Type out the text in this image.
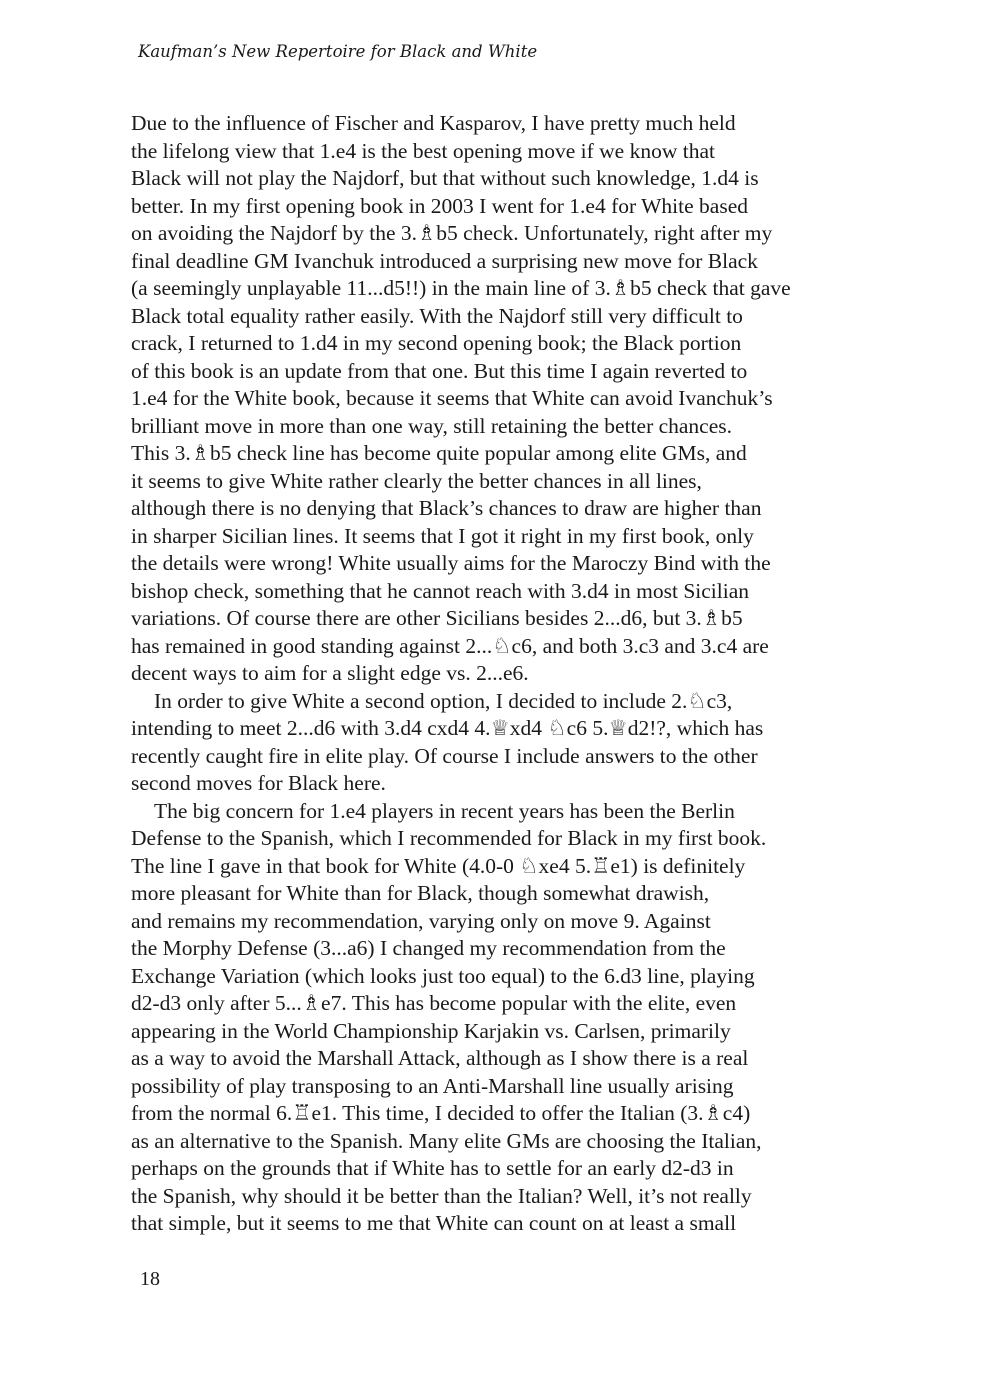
Kaufman’s New Repertoire for Black and White

Due to the influence of Fischer and Kasparov, I have pretty much held
the lifelong view that 1.e4 is the best opening move if we know that
Black will not play the Najdorf, but that without such knowledge, 1.d4 is
better. In my first opening book in 2003 I went for 1.e4 for White based
on avoiding the Najdorf by the 3.♗b5 check. Unfortunately, right after my
final deadline GM Ivanchuk introduced a surprising new move for Black
(a seemingly unplayable 11...d5!!) in the main line of 3.♗b5 check that gave
Black total equality rather easily. With the Najdorf still very difficult to
crack, I returned to 1.d4 in my second opening book; the Black portion
of this book is an update from that one. But this time I again reverted to
1.e4 for the White book, because it seems that White can avoid Ivanchuk’s
brilliant move in more than one way, still retaining the better chances.
This 3.♗b5 check line has become quite popular among elite GMs, and
it seems to give White rather clearly the better chances in all lines,
although there is no denying that Black’s chances to draw are higher than
in sharper Sicilian lines. It seems that I got it right in my first book, only
the details were wrong! White usually aims for the Maroczy Bind with the
bishop check, something that he cannot reach with 3.d4 in most Sicilian
variations. Of course there are other Sicilians besides 2...d6, but 3.♗b5
has remained in good standing against 2...♘c6, and both 3.c3 and 3.c4 are
decent ways to aim for a slight edge vs. 2...e6.

In order to give White a second option, I decided to include 2.♘c3,
intending to meet 2...d6 with 3.d4 cxd4 4.♕xd4 ♘c6 5.♕d2!?, which has
recently caught fire in elite play. Of course I include answers to the other
second moves for Black here.

The big concern for 1.e4 players in recent years has been the Berlin
Defense to the Spanish, which I recommended for Black in my first book.
The line I gave in that book for White (4.0-0 ♘xe4 5.♖e1) is definitely
more pleasant for White than for Black, though somewhat drawish,
and remains my recommendation, varying only on move 9. Against
the Morphy Defense (3...a6) I changed my recommendation from the
Exchange Variation (which looks just too equal) to the 6.d3 line, playing
d2-d3 only after 5...♗e7. This has become popular with the elite, even
appearing in the World Championship Karjakin vs. Carlsen, primarily
as a way to avoid the Marshall Attack, although as I show there is a real
possibility of play transposing to an Anti-Marshall line usually arising
from the normal 6.♖e1. This time, I decided to offer the Italian (3.♗c4)
as an alternative to the Spanish. Many elite GMs are choosing the Italian,
perhaps on the grounds that if White has to settle for an early d2-d3 in
the Spanish, why should it be better than the Italian? Well, it’s not really
that simple, but it seems to me that White can count on at least a small

18
